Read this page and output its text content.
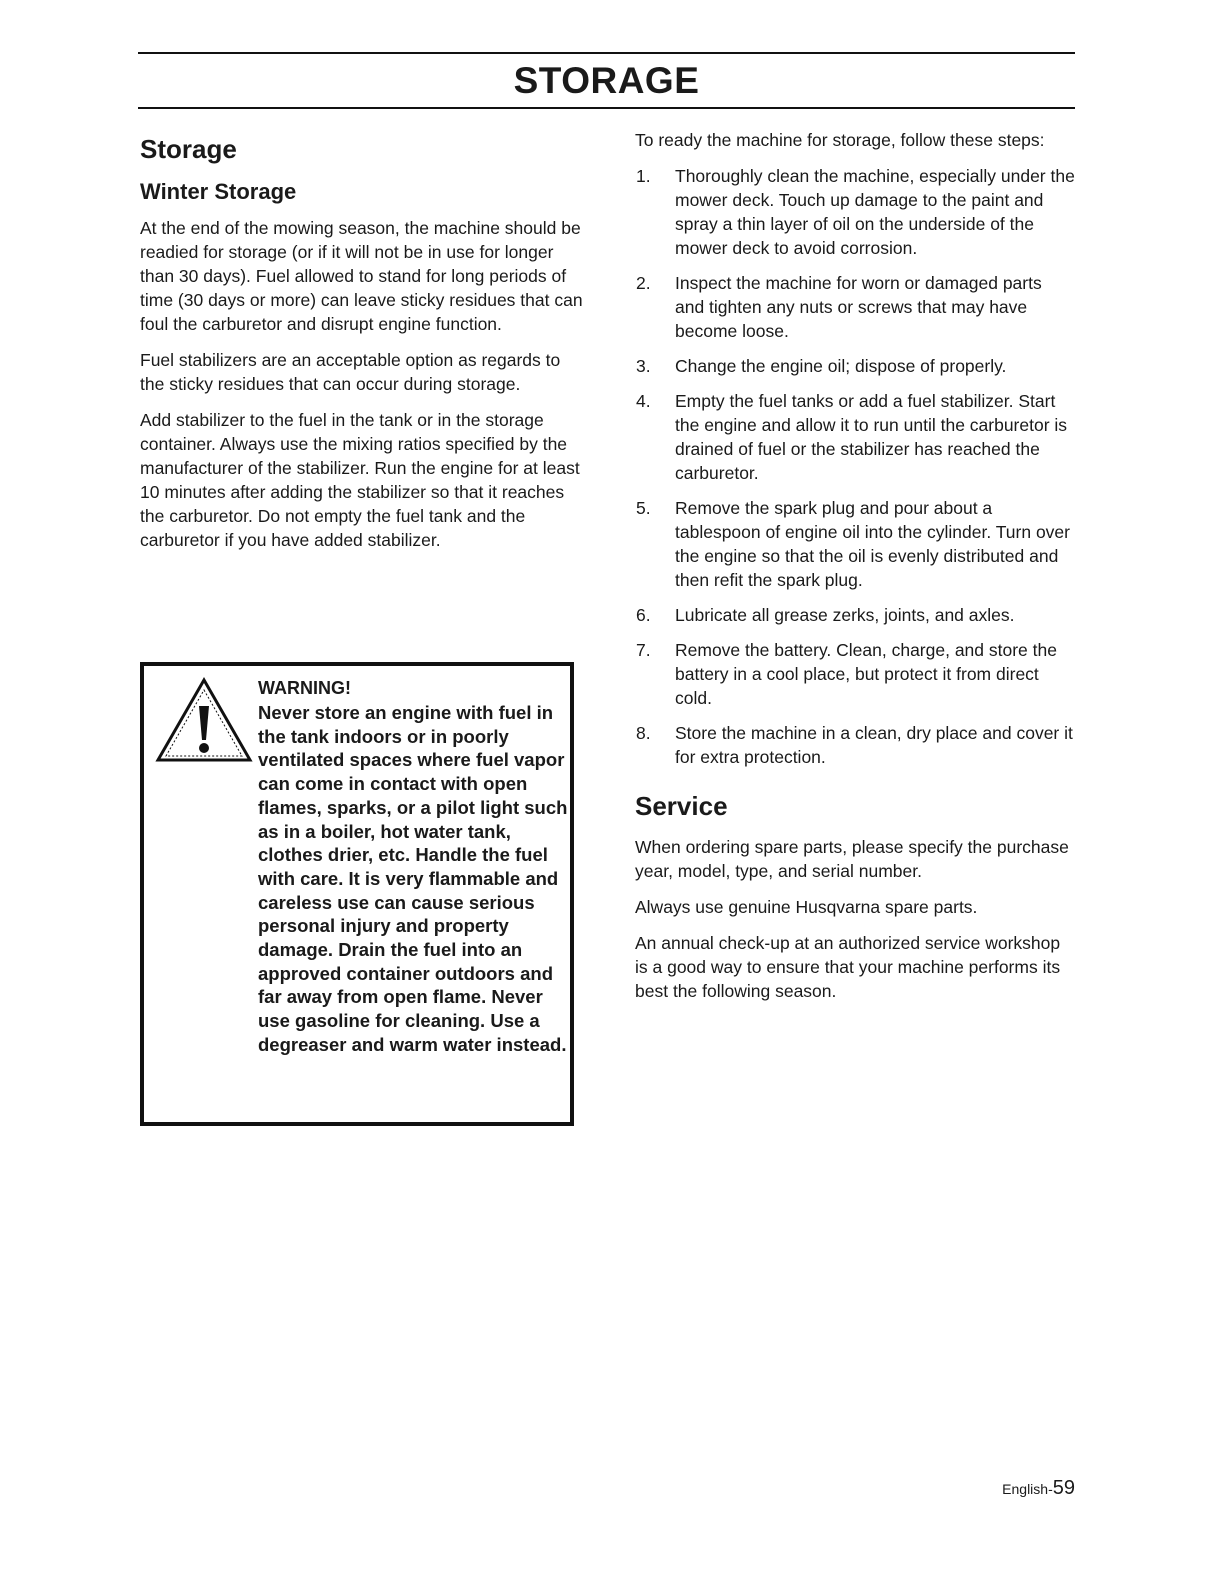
STORAGE
Storage
Winter Storage

At the end of the mowing season, the machine should be readied for storage (or if it will not be in use for longer than 30 days). Fuel allowed to stand for long periods of time (30 days or more) can leave sticky residues that can foul the carburetor and disrupt engine function.

Fuel stabilizers are an acceptable option as regards to the sticky residues that can occur during storage.

Add stabilizer to the fuel in the tank or in the storage container. Always use the mixing ratios specified by the manufacturer of the stabilizer. Run the engine for at least 10 minutes after adding the stabilizer so that it reaches the carburetor. Do not empty the fuel tank and the carburetor if you have added stabilizer.

WARNING!
Never store an engine with fuel in the tank indoors or in poorly ventilated spaces where fuel vapor can come in contact with open flames, sparks, or a pilot light such as in a boiler, hot water tank, clothes drier, etc. Handle the fuel with care. It is very flammable and careless use can cause serious personal injury and property damage. Drain the fuel into an approved container outdoors and far away from open flame. Never use gasoline for cleaning. Use a degreaser and warm water instead.

To ready the machine for storage, follow these steps:

1. Thoroughly clean the machine, especially under the mower deck. Touch up damage to the paint and spray a thin layer of oil on the underside of the mower deck to avoid corrosion.
2. Inspect the machine for worn or damaged parts and tighten any nuts or screws that may have become loose.
3. Change the engine oil; dispose of properly.
4. Empty the fuel tanks or add a fuel stabilizer. Start the engine and allow it to run until the carburetor is drained of fuel or the stabilizer has reached the carburetor.
5. Remove the spark plug and pour about a tablespoon of engine oil into the cylinder. Turn over the engine so that the oil is evenly distributed and then refit the spark plug.
6. Lubricate all grease zerks, joints, and axles.
7. Remove the battery. Clean, charge, and store the battery in a cool place, but protect it from direct cold.
8. Store the machine in a clean, dry place and cover it for extra protection.
Service

When ordering spare parts, please specify the purchase year, model, type, and serial number.

Always use genuine Husqvarna spare parts.

An annual check-up at an authorized service workshop is a good way to ensure that your machine performs its best the following season.

English-59
